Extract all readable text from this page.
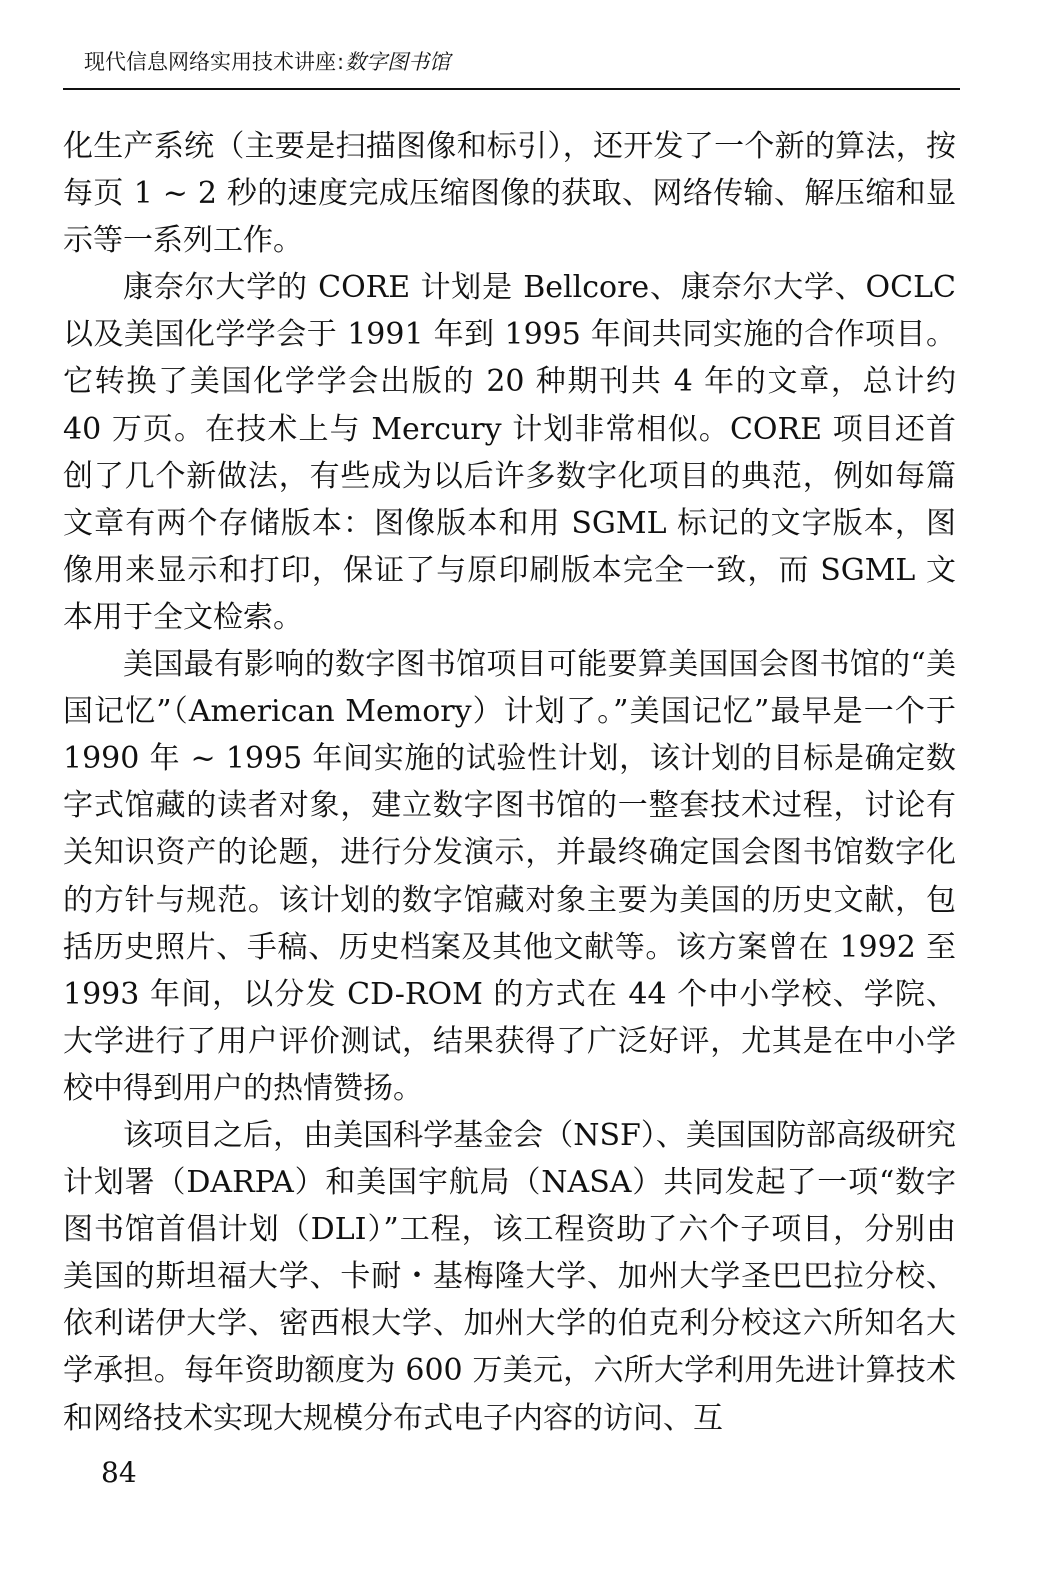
现代信息网络实用技术讲座:数字图书馆

化生产系统（主要是扫描图像和标引），还开发了一个新的算法，按每页 1 ~ 2 秒的速度完成压缩图像的获取、网络传输、解压缩和显示等一系列工作。

康奈尔大学的 CORE 计划是 Bellcore、康奈尔大学、OCLC 以及美国化学学会于 1991 年到 1995 年间共同实施的合作项目。它转换了美国化学学会出版的 20 种期刊共 4 年的文章，总计约 40 万页。在技术上与 Mercury 计划非常相似。CORE 项目还首创了几个新做法，有些成为以后许多数字化项目的典范，例如每篇文章有两个存储版本：图像版本和用 SGML 标记的文字版本，图像用来显示和打印，保证了与原印刷版本完全一致，而 SGML 文本用于全文检索。

美国最有影响的数字图书馆项目可能要算美国国会图书馆的“美国记忆”（American Memory）计划了。”美国记忆”最早是一个于 1990 年 ~ 1995 年间实施的试验性计划，该计划的目标是确定数字式馆藏的读者对象，建立数字图书馆的一整套技术过程，讨论有关知识资产的论题，进行分发演示，并最终确定国会图书馆数字化的方针与规范。该计划的数字馆藏对象主要为美国的历史文献，包括历史照片、手稿、历史档案及其他文献等。该方案曾在 1992 至 1993 年间，以分发 CD-ROM 的方式在 44 个中小学校、学院、大学进行了用户评价测试，结果获得了广泛好评，尤其是在中小学校中得到用户的热情赞扬。

该项目之后，由美国科学基金会（NSF）、美国国防部高级研究计划署（DARPA）和美国宇航局（NASA）共同发起了一项“数字图书馆首倡计划（DLI）”工程，该工程资助了六个子项目，分别由美国的斯坦福大学、卡耐・基梅隆大学、加州大学圣巴巴拉分校、依利诺伊大学、密西根大学、加州大学的伯克利分校这六所知名大学承担。每年资助额度为 600 万美元，六所大学利用先进计算技术和网络技术实现大规模分布式电子内容的访问、互

84
